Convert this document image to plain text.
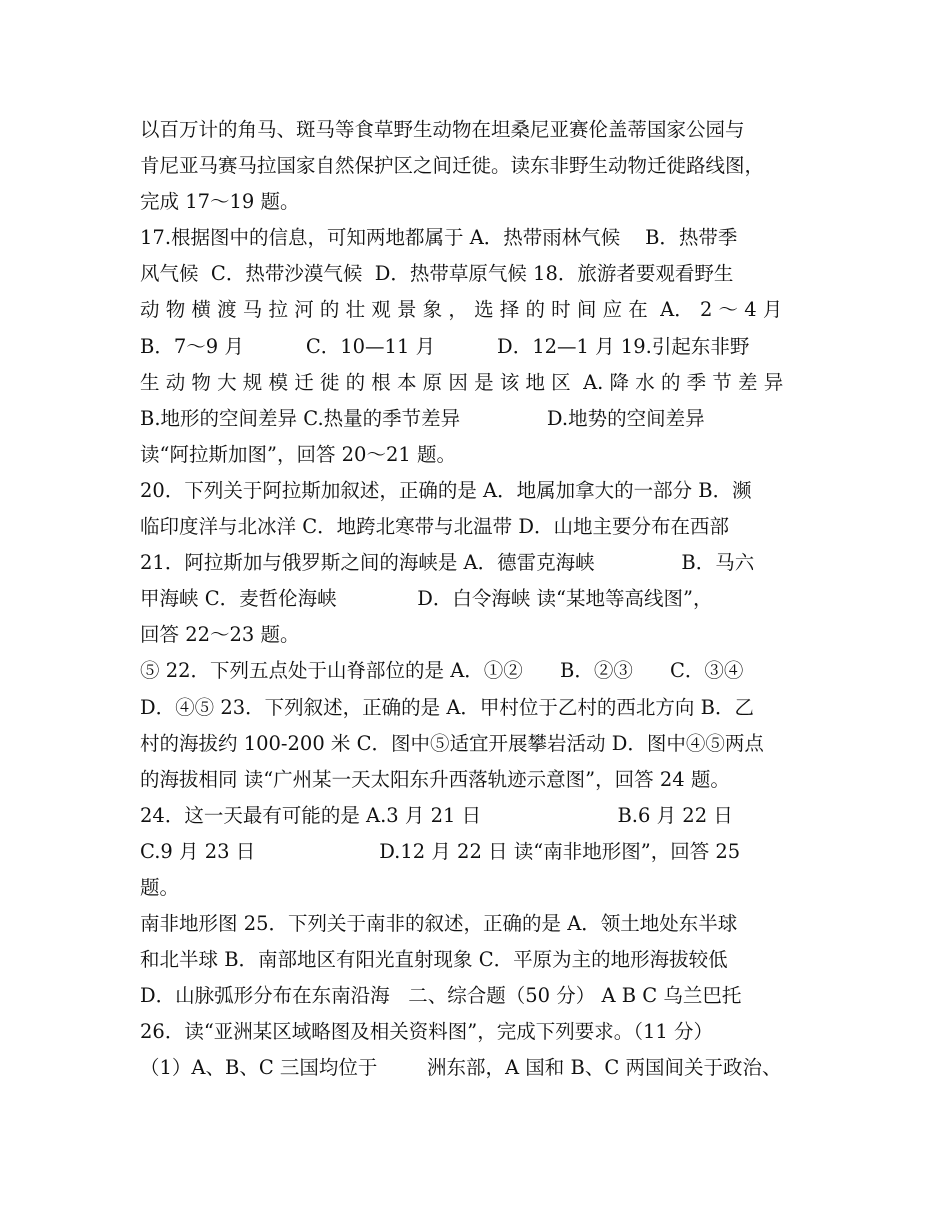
以百万计的角马、斑马等食草野生动物在坦桑尼亚赛伦盖蒂国家公园与
肯尼亚马赛马拉国家自然保护区之间迁徙。读东非野生动物迁徙路线图，
完成 17～19 题。
17.根据图中的信息，可知两地都属于 A．热带雨林气候    B．热带季
风气候  C．热带沙漠气候  D．热带草原气候 18．旅游者要观看野生
动 物 横 渡 马 拉 河 的 壮 观 景 象 ， 选 择 的 时 间 应 在  A． 2 ～ 4 月
B．7～9 月          C．10—11 月          D．12—1 月 19.引起东非野
生 动 物 大 规 模 迁 徙 的 根 本 原 因 是 该 地 区  A. 降 水 的 季 节 差 异
B.地形的空间差异 C.热量的季节差异              D.地势的空间差异
读“阿拉斯加图”，回答 20～21 题。
20．下列关于阿拉斯加叙述，正确的是 A．地属加拿大的一部分 B．濒
临印度洋与北冰洋 C．地跨北寒带与北温带 D．山地主要分布在西部
21．阿拉斯加与俄罗斯之间的海峡是 A．德雷克海峡              B．马六
甲海峡 C．麦哲伦海峡             D．白令海峡 读“某地等高线图”，
回答 22～23 题。
⑤ 22．下列五点处于山脊部位的是 A．①②      B．②③      C．③④
D．④⑤ 23．下列叙述，正确的是 A．甲村位于乙村的西北方向 B．乙
村的海拔约 100-200 米 C．图中⑤适宜开展攀岩活动 D．图中④⑤两点
的海拔相同 读“广州某一天太阳东升西落轨迹示意图”，回答 24 题。
24．这一天最有可能的是 A.3 月 21 日                      B.6 月 22 日
C.9 月 23 日                    D.12 月 22 日 读“南非地形图”，回答 25
题。
南非地形图 25．下列关于南非的叙述，正确的是 A．领土地处东半球
和北半球 B．南部地区有阳光直射现象 C．平原为主的地形海拔较低
D．山脉弧形分布在东南沿海   二、综合题（50 分） A B C 乌兰巴托
26．读“亚洲某区域略图及相关资料图”，完成下列要求。（11 分）
（1）A、B、C 三国均位于        洲东部，A 国和 B、C 两国间关于政治、
